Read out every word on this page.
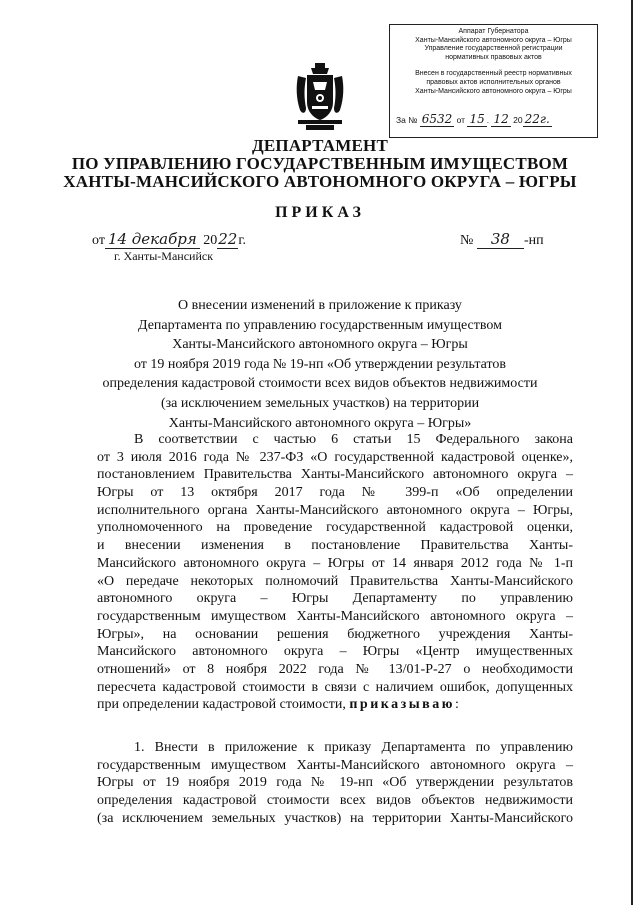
Аппарат Губернатора
Ханты-Мансийского автономного округа – Югры
Управление государственной регистрации
нормативных правовых актов
Внесен в государственный реестр нормативных
правовых актов исполнительных органов
Ханты-Мансийского автономного округа – Югры
За № 6532 от 15 . 12 20 22г.
ДЕПАРТАМЕНТ
ПО УПРАВЛЕНИЮ ГОСУДАРСТВЕННЫМ ИМУЩЕСТВОМ
ХАНТЫ-МАНСИЙСКОГО АВТОНОМНОГО ОКРУГА – ЮГРЫ
ПРИКАЗ
от 14 декабря 2022г.	№ 38 -нп
г. Ханты-Мансийск
О внесении изменений в приложение к приказу
Департамента по управлению государственным имуществом
Ханты-Мансийского автономного округа – Югры
от 19 ноября 2019 года № 19-нп «Об утверждении результатов
определения кадастровой стоимости всех видов объектов недвижимости
(за исключением земельных участков) на территории
Ханты-Мансийского автономного округа – Югры»
В соответствии с частью 6 статьи 15 Федерального закона
от 3 июля 2016 года № 237-ФЗ «О государственной кадастровой оценке»,
постановлением Правительства Ханты-Мансийского автономного округа –
Югры от 13 октября 2017 года № 399-п «Об определении
исполнительного органа Ханты-Мансийского автономного округа – Югры,
уполномоченного на проведение государственной кадастровой оценки,
и внесении изменения в постановление Правительства Ханты-
Мансийского автономного округа – Югры от 14 января 2012 года № 1-п
«О передаче некоторых полномочий Правительства Ханты-Мансийского
автономного округа – Югры Департаменту по управлению
государственным имуществом Ханты-Мансийского автономного округа –
Югры», на основании решения бюджетного учреждения Ханты-
Мансийского автономного округа – Югры «Центр имущественных
отношений» от 8 ноября 2022 года № 13/01-Р-27 о необходимости
пересчета кадастровой стоимости в связи с наличием ошибок, допущенных
при определении кадастровой стоимости, приказываю:
1. Внести в приложение к приказу Департамента по управлению
государственным имуществом Ханты-Мансийского автономного округа –
Югры от 19 ноября 2019 года № 19-нп «Об утверждении результатов
определения кадастровой стоимости всех видов объектов недвижимости
(за исключением земельных участков) на территории Ханты-Мансийского
